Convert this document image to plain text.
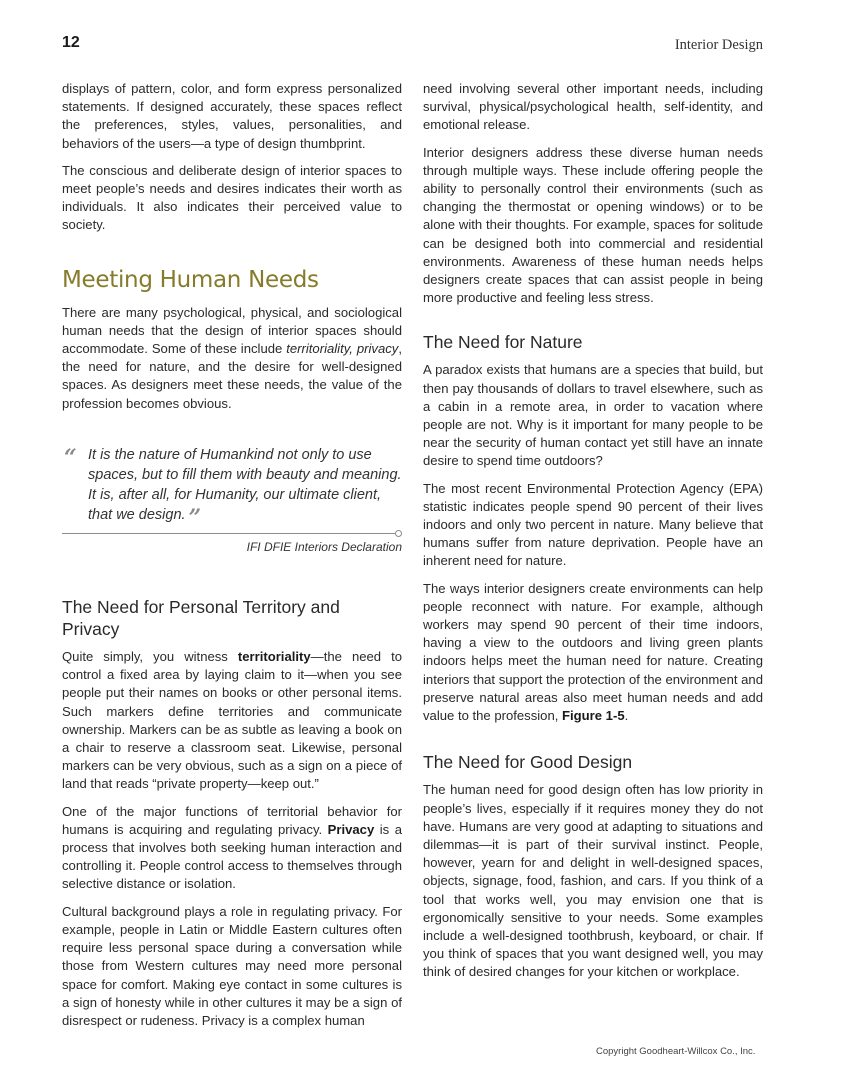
12	Interior Design

displays of pattern, color, and form express personalized statements. If designed accurately, these spaces reflect the preferences, styles, values, personalities, and behaviors of the users—a type of design thumbprint.

The conscious and deliberate design of interior spaces to meet people’s needs and desires indicates their worth as individuals. It also indicates their perceived value to society.

Meeting Human Needs

There are many psychological, physical, and sociological human needs that the design of interior spaces should accommodate. Some of these include territoriality, privacy, the need for nature, and the desire for well-designed spaces. As designers meet these needs, the value of the profession becomes obvious.

“ It is the nature of Humankind not only to use spaces, but to fill them with beauty and meaning. It is, after all, for Humanity, our ultimate client, that we design. ”
IFI DFIE Interiors Declaration
The Need for Personal Territory and Privacy

Quite simply, you witness territoriality—the need to control a fixed area by laying claim to it—when you see people put their names on books or other personal items. Such markers define territories and communicate ownership. Markers can be as subtle as leaving a book on a chair to reserve a classroom seat. Likewise, personal markers can be very obvious, such as a sign on a piece of land that reads “private property—keep out.”

One of the major functions of territorial behavior for humans is acquiring and regulating privacy. Privacy is a process that involves both seeking human interaction and controlling it. People control access to themselves through selective distance or isolation.

Cultural background plays a role in regulating privacy. For example, people in Latin or Middle Eastern cultures often require less personal space during a conversation while those from Western cultures may need more personal space for comfort. Making eye contact in some cultures is a sign of honesty while in other cultures it may be a sign of disrespect or rudeness. Privacy is a complex human

need involving several other important needs, including survival, physical/psychological health, self-identity, and emotional release.

Interior designers address these diverse human needs through multiple ways. These include offering people the ability to personally control their environments (such as changing the thermostat or opening windows) or to be alone with their thoughts. For example, spaces for solitude can be designed both into commercial and residential environments. Awareness of these human needs helps designers create spaces that can assist people in being more productive and feeling less stress.

The Need for Nature

A paradox exists that humans are a species that build, but then pay thousands of dollars to travel elsewhere, such as a cabin in a remote area, in order to vacation where people are not. Why is it important for many people to be near the security of human contact yet still have an innate desire to spend time outdoors?

The most recent Environmental Protection Agency (EPA) statistic indicates people spend 90 percent of their lives indoors and only two percent in nature. Many believe that humans suffer from nature deprivation. People have an inherent need for nature.

The ways interior designers create environments can help people reconnect with nature. For example, although workers may spend 90 percent of their time indoors, having a view to the outdoors and living green plants indoors helps meet the human need for nature. Creating interiors that support the protection of the environment and preserve natural areas also meet human needs and add value to the profession, Figure 1-5.

The Need for Good Design

The human need for good design often has low priority in people’s lives, especially if it requires money they do not have. Humans are very good at adapting to situations and dilemmas—it is part of their survival instinct. People, however, yearn for and delight in well-designed spaces, objects, signage, food, fashion, and cars. If you think of a tool that works well, you may envision one that is ergonomically sensitive to your needs. Some examples include a well-designed toothbrush, keyboard, or chair. If you think of spaces that you want designed well, you may think of desired changes for your kitchen or workplace.

Copyright Goodheart-Willcox Co., Inc.
